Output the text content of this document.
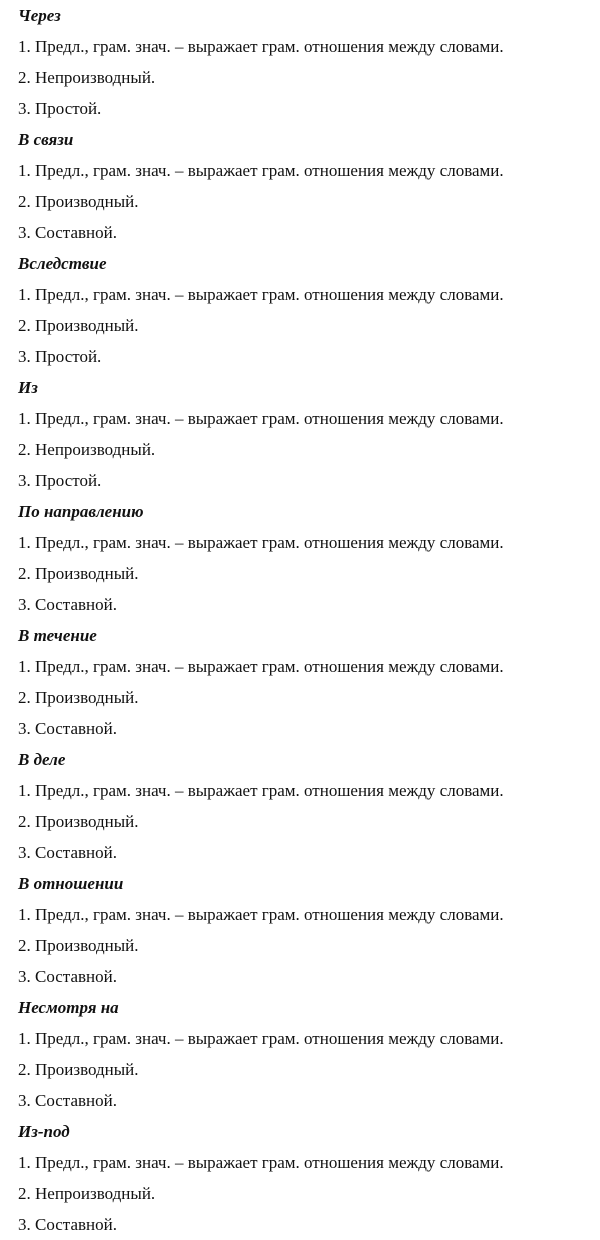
Через
1. Предл., грам. знач. – выражает грам. отношения между словами.
2. Непроизводный.
3. Простой.
В связи
1. Предл., грам. знач. – выражает грам. отношения между словами.
2. Производный.
3. Составной.
Вследствие
1. Предл., грам. знач. – выражает грам. отношения между словами.
2. Производный.
3. Простой.
Из
1. Предл., грам. знач. – выражает грам. отношения между словами.
2. Непроизводный.
3. Простой.
По направлению
1. Предл., грам. знач. – выражает грам. отношения между словами.
2. Производный.
3. Составной.
В течение
1. Предл., грам. знач. – выражает грам. отношения между словами.
2. Производный.
3. Составной.
В деле
1. Предл., грам. знач. – выражает грам. отношения между словами.
2. Производный.
3. Составной.
В отношении
1. Предл., грам. знач. – выражает грам. отношения между словами.
2. Производный.
3. Составной.
Несмотря на
1. Предл., грам. знач. – выражает грам. отношения между словами.
2. Производный.
3. Составной.
Из-под
1. Предл., грам. знач. – выражает грам. отношения между словами.
2. Непроизводный.
3. Составной.
